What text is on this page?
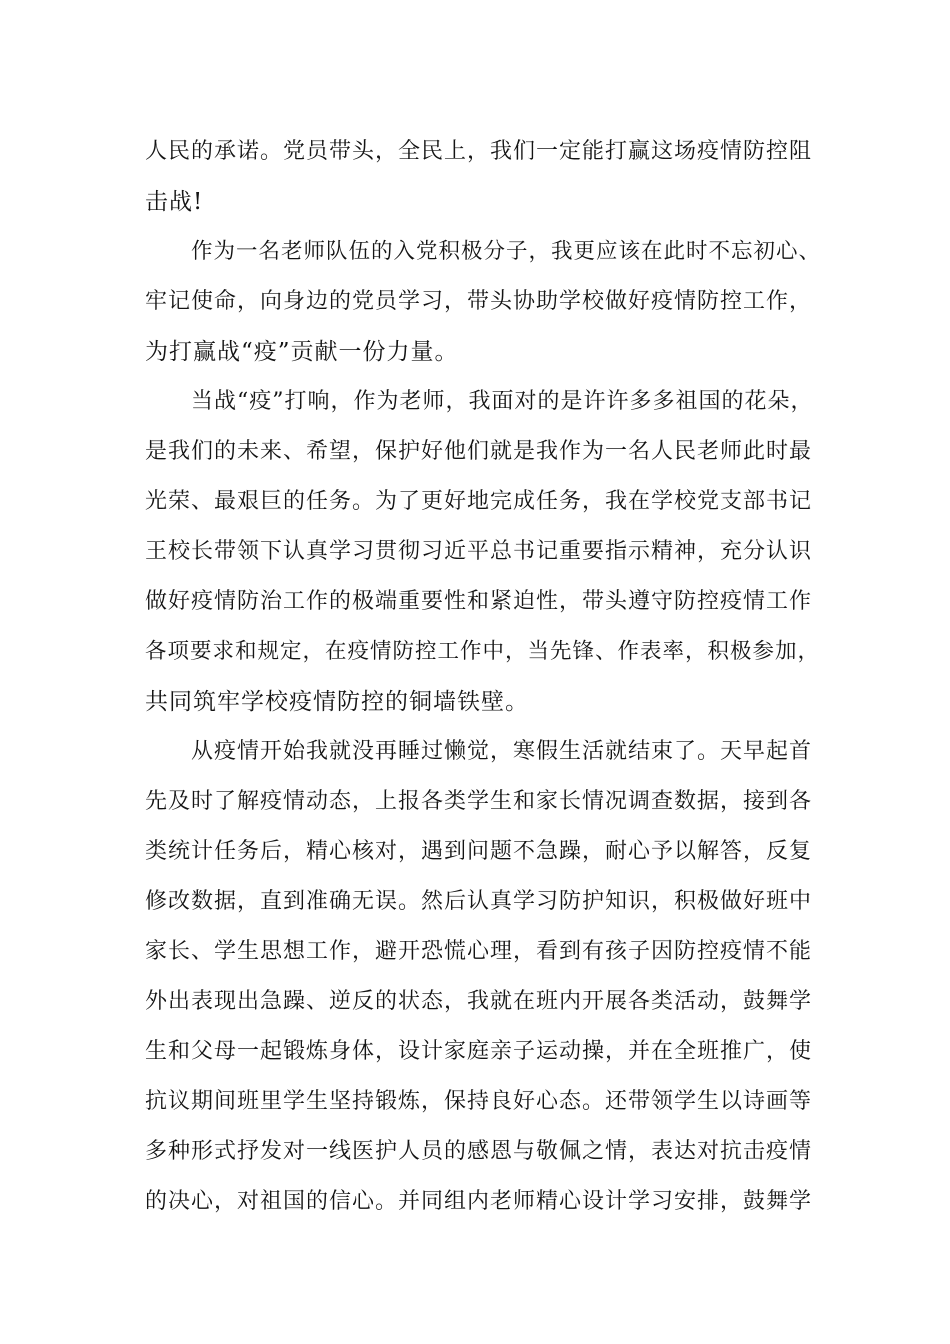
人民的承诺。党员带头，全民上，我们一定能打赢这场疫情防控阻
击战!
作为一名老师队伍的入党积极分子，我更应该在此时不忘初心、
牢记使命，向身边的党员学习，带头协助学校做好疫情防控工作，
为打赢战“疫”贡献一份力量。
当战“疫”打响，作为老师，我面对的是许许多多祖国的花朵，
是我们的未来、希望，保护好他们就是我作为一名人民老师此时最
光荣、最艰巨的任务。为了更好地完成任务，我在学校党支部书记
王校长带领下认真学习贯彻习近平总书记重要指示精神，充分认识
做好疫情防治工作的极端重要性和紧迫性，带头遵守防控疫情工作
各项要求和规定，在疫情防控工作中，当先锋、作表率，积极参加，
共同筑牢学校疫情防控的铜墙铁壁。
从疫情开始我就没再睡过懒觉，寒假生活就结束了。天早起首
先及时了解疫情动态，上报各类学生和家长情况调查数据，接到各
类统计任务后，精心核对，遇到问题不急躁，耐心予以解答，反复
修改数据，直到准确无误。然后认真学习防护知识，积极做好班中
家长、学生思想工作，避开恐慌心理，看到有孩子因防控疫情不能
外出表现出急躁、逆反的状态，我就在班内开展各类活动，鼓舞学
生和父母一起锻炼身体，设计家庭亲子运动操，并在全班推广，使
抗议期间班里学生坚持锻炼，保持良好心态。还带领学生以诗画等
多种形式抒发对一线医护人员的感恩与敬佩之情，表达对抗击疫情
的决心，对祖国的信心。并同组内老师精心设计学习安排，鼓舞学
